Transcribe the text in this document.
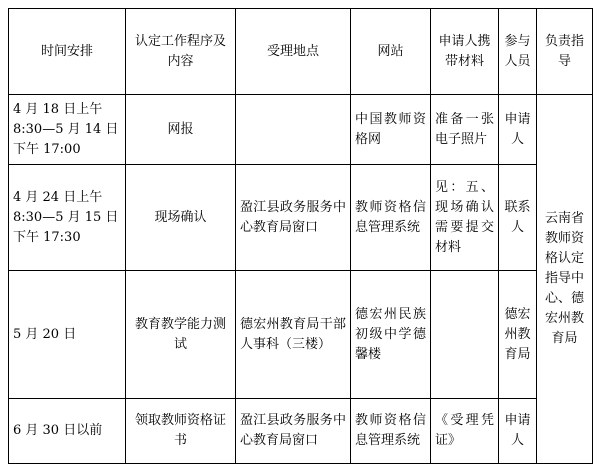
时间安排	认定工作程序及内容	受理地点	网站	申请人携带材料	参与人员	负责指导
4 月 18 日上午 8:30—5 月 14 日下午 17:00	网报		中国教师资格网	准备一张电子照片	申请人	云南省教师资格认定指导中心、德宏州教育局
4 月 24 日上午 8:30—5 月 15 日下午 17:30	现场确认	盈江县政务服务中心教育局窗口	教师资格信息管理系统	见：五、现场确认需要提交材料	联系人	
5 月 20 日	教育教学能力测试	德宏州教育局干部人事科（三楼）	德宏州民族初级中学德馨楼		德宏州教育局	
6 月 30 日以前	领取教师资格证书	盈江县政务服务中心教育局窗口	教师资格信息管理系统	《受理凭证》	申请人	
